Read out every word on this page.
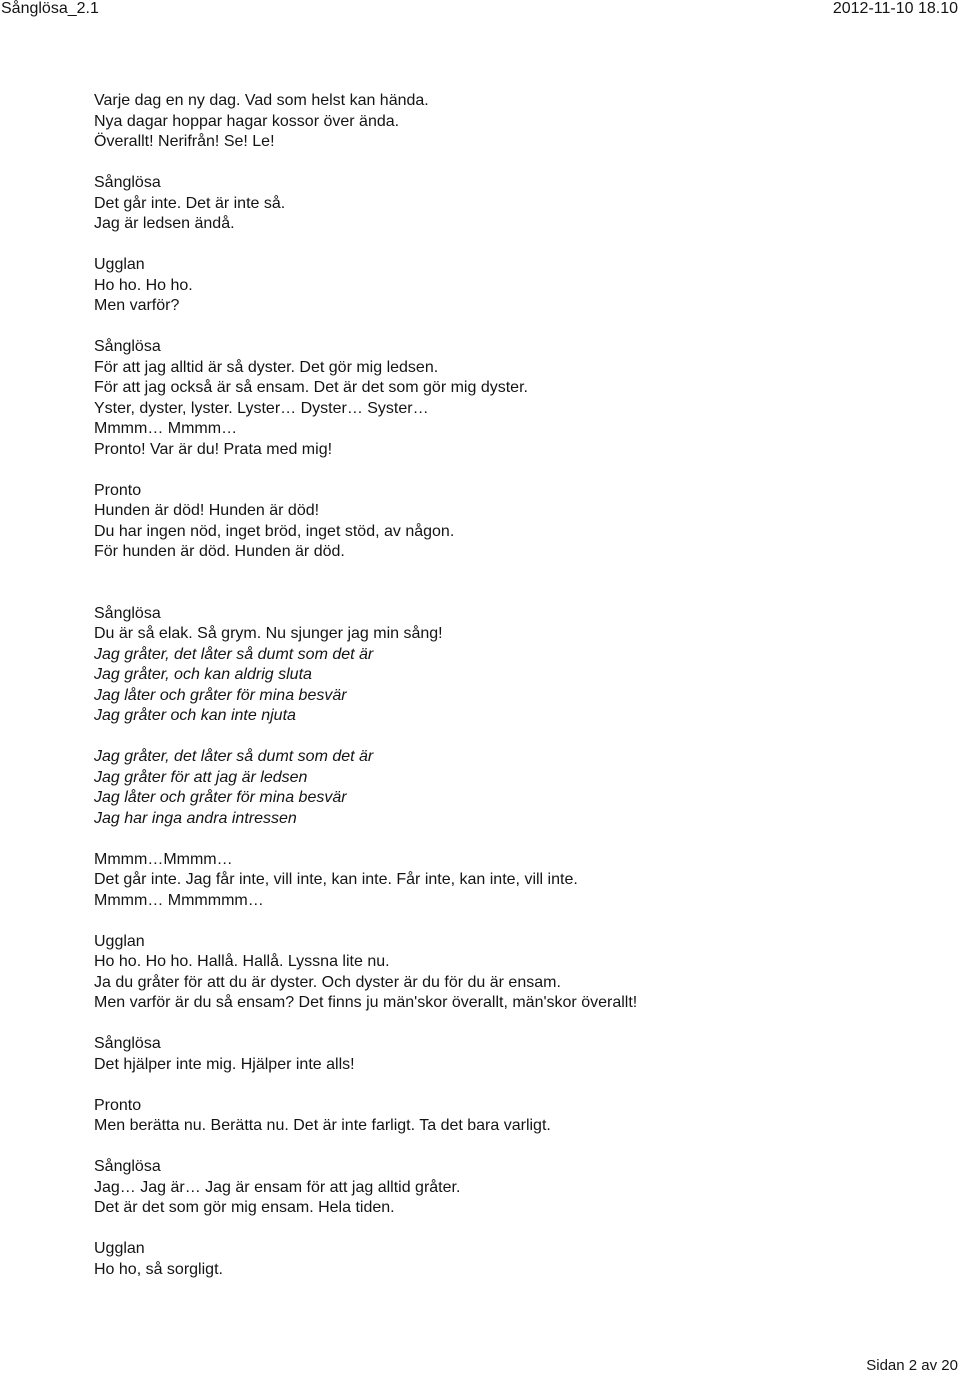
Sånglösa_2.1	2012-11-10 18.10
Varje dag en ny dag. Vad som helst kan hända.
Nya dagar hoppar hagar kossor över ända.
Överallt! Nerifrån! Se! Le!
Sånglösa
Det går inte. Det är inte så.
Jag är ledsen ändå.
Ugglan
Ho ho. Ho ho.
Men varför?
Sånglösa
För att jag alltid är så dyster. Det gör mig ledsen.
För att jag också är så ensam. Det är det som gör mig dyster.
Yster, dyster, lyster. Lyster… Dyster… Syster…
Mmmm… Mmmm…
Pronto! Var är du! Prata med mig!
Pronto
Hunden är död! Hunden är död!
Du har ingen nöd, inget bröd, inget stöd, av någon.
För hunden är död. Hunden är död.
Sånglösa
Du är så elak. Så grym. Nu sjunger jag min sång!
Jag gråter, det låter så dumt som det är
Jag gråter, och kan aldrig sluta
Jag låter och gråter för mina besvär
Jag gråter och kan inte njuta
Jag gråter, det låter så dumt som det är
Jag gråter för att jag är ledsen
Jag låter och gråter för mina besvär
Jag har inga andra intressen
Mmmm…Mmmm…
Det går inte. Jag får inte, vill inte, kan inte. Får inte, kan inte, vill inte.
Mmmm… Mmmmmm…
Ugglan
Ho ho. Ho ho. Hallå. Hallå. Lyssna lite nu.
Ja du gråter för att du är dyster. Och dyster är du för du är ensam.
Men varför är du så ensam? Det finns ju män'skor överallt, män'skor överallt!
Sånglösa
Det hjälper inte mig. Hjälper inte alls!
Pronto
Men berätta nu. Berätta nu. Det är inte farligt. Ta det bara varligt.
Sånglösa
Jag… Jag är… Jag är ensam för att jag alltid gråter.
Det är det som gör mig ensam. Hela tiden.
Ugglan
Ho ho, så sorgligt.
Sidan 2 av 20
